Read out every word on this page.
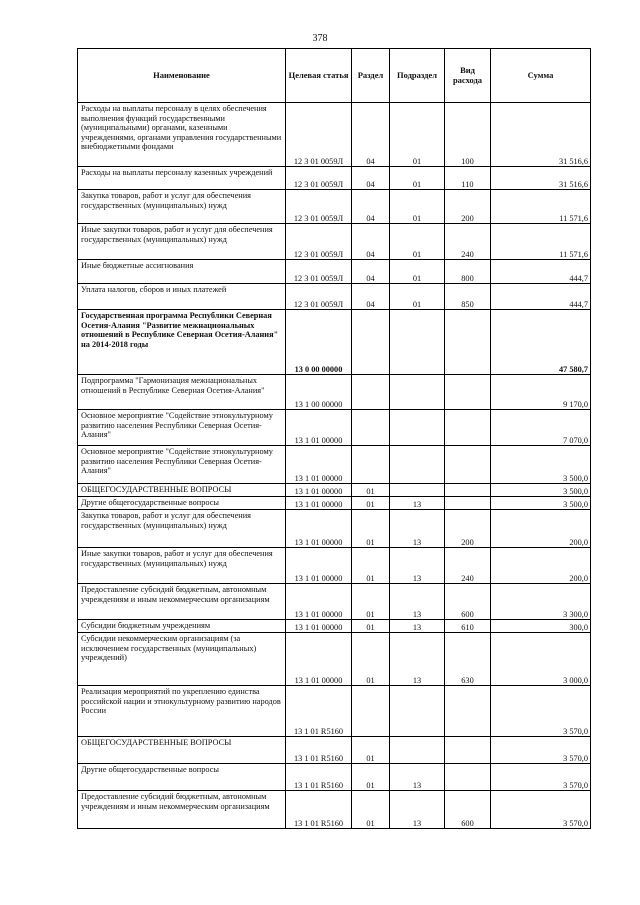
378
Наименование	Целевая статья	Раздел	Подраздел	Вид расхода	Сумма
Расходы на выплаты персоналу в целях обеспечения выполнения функций государственными (муниципальными) органами, казенными учреждениями, органами управления государственными внебюджетными фондами	12 3 01 0059Л	04	01	100	31 516,6
Расходы на выплаты персоналу казенных учреждений	12 3 01 0059Л	04	01	110	31 516,6
Закупка товаров, работ и услуг для обеспечения государственных (муниципальных) нужд	12 3 01 0059Л	04	01	200	11 571,6
Иные закупки товаров, работ и услуг для обеспечения государственных (муниципальных) нужд	12 3 01 0059Л	04	01	240	11 571,6
Иные бюджетные ассигнования	12 3 01 0059Л	04	01	800	444,7
Уплата налогов, сборов и иных платежей	12 3 01 0059Л	04	01	850	444,7
Государственная программа Республики Северная Осетия-Алания "Развитие межнациональных отношений в Республике Северная Осетия-Алания" на 2014-2018 годы	13 0 00 00000				47 580,7
Подпрограмма "Гармонизация межнациональных отношений в Республике Северная Осетия-Алания"	13 1 00 00000				9 170,0
Основное мероприятие "Содействие этнокультурному развитию населения Республики Северная Осетия-Алания"	13 1 01 00000				7 070,0
Основное мероприятие "Содействие этнокультурному развитию населения Республики Северная Осетия-Алания"	13 1 01 00000				3 500,0
ОБЩЕГОСУДАРСТВЕННЫЕ ВОПРОСЫ	13 1 01 00000	01			3 500,0
Другие общегосударственные вопросы	13 1 01 00000	01	13		3 500,0
Закупка товаров, работ и услуг для обеспечения государственных (муниципальных) нужд	13 1 01 00000	01	13	200	200,0
Иные закупки товаров, работ и услуг для обеспечения государственных (муниципальных) нужд	13 1 01 00000	01	13	240	200,0
Предоставление субсидий бюджетным, автономным учреждениям и иным некоммерческим организациям	13 1 01 00000	01	13	600	3 300,0
Субсидии бюджетным учреждениям	13 1 01 00000	01	13	610	300,0
Субсидии некоммерческим организациям (за исключением государственных (муниципальных) учреждений)	13 1 01 00000	01	13	630	3 000,0
Реализация мероприятий по укреплению единства российской нации и этнокультурному развитию народов России	13 1 01 R5160				3 570,0
ОБЩЕГОСУДАРСТВЕННЫЕ ВОПРОСЫ	13 1 01 R5160	01			3 570,0
Другие общегосударственные вопросы	13 1 01 R5160	01	13		3 570,0
Предоставление субсидий бюджетным, автономным учреждениям и иным некоммерческим организациям	13 1 01 R5160	01	13	600	3 570,0
